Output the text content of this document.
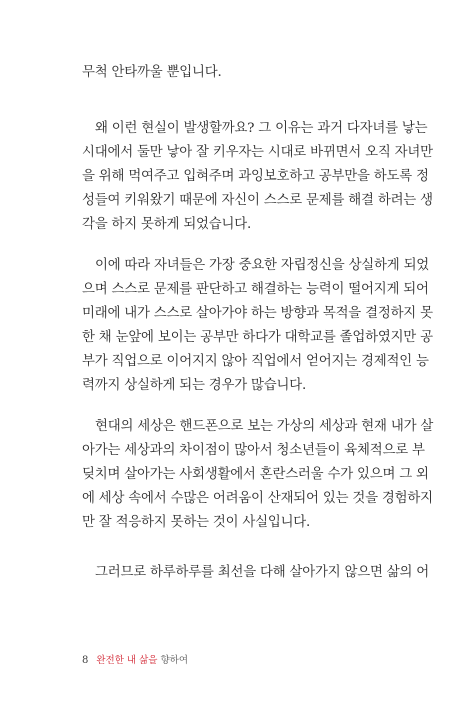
무척 안타까울 뿐입니다.
왜 이런 현실이 발생할까요? 그 이유는 과거 다자녀를 낳는
시대에서 둘만 낳아 잘 키우자는 시대로 바뀌면서 오직 자녀만
을 위해 먹여주고 입혀주며 과잉보호하고 공부만을 하도록 정
성들여 키워왔기 때문에 자신이 스스로 문제를 해결 하려는 생
각을 하지 못하게 되었습니다.
이에 따라 자녀들은 가장 중요한 자립정신을 상실하게 되었
으며 스스로 문제를 판단하고 해결하는 능력이 떨어지게 되어
미래에 내가 스스로 살아가야 하는 방향과 목적을 결정하지 못
한 채 눈앞에 보이는 공부만 하다가 대학교를 졸업하였지만 공
부가 직업으로 이어지지 않아 직업에서 얻어지는 경제적인 능
력까지 상실하게 되는 경우가 많습니다.
현대의 세상은 핸드폰으로 보는 가상의 세상과 현재 내가 살
아가는 세상과의 차이점이 많아서 청소년들이 육체적으로 부
딪치며 살아가는 사회생활에서 혼란스러울 수가 있으며 그 외
에 세상 속에서 수많은 어려움이 산재되어 있는 것을 경험하지
만 잘 적응하지 못하는 것이 사실입니다.
그러므로 하루하루를 최선을 다해 살아가지 않으면 삶의 어
8 완전한 내 삶을 향하여
